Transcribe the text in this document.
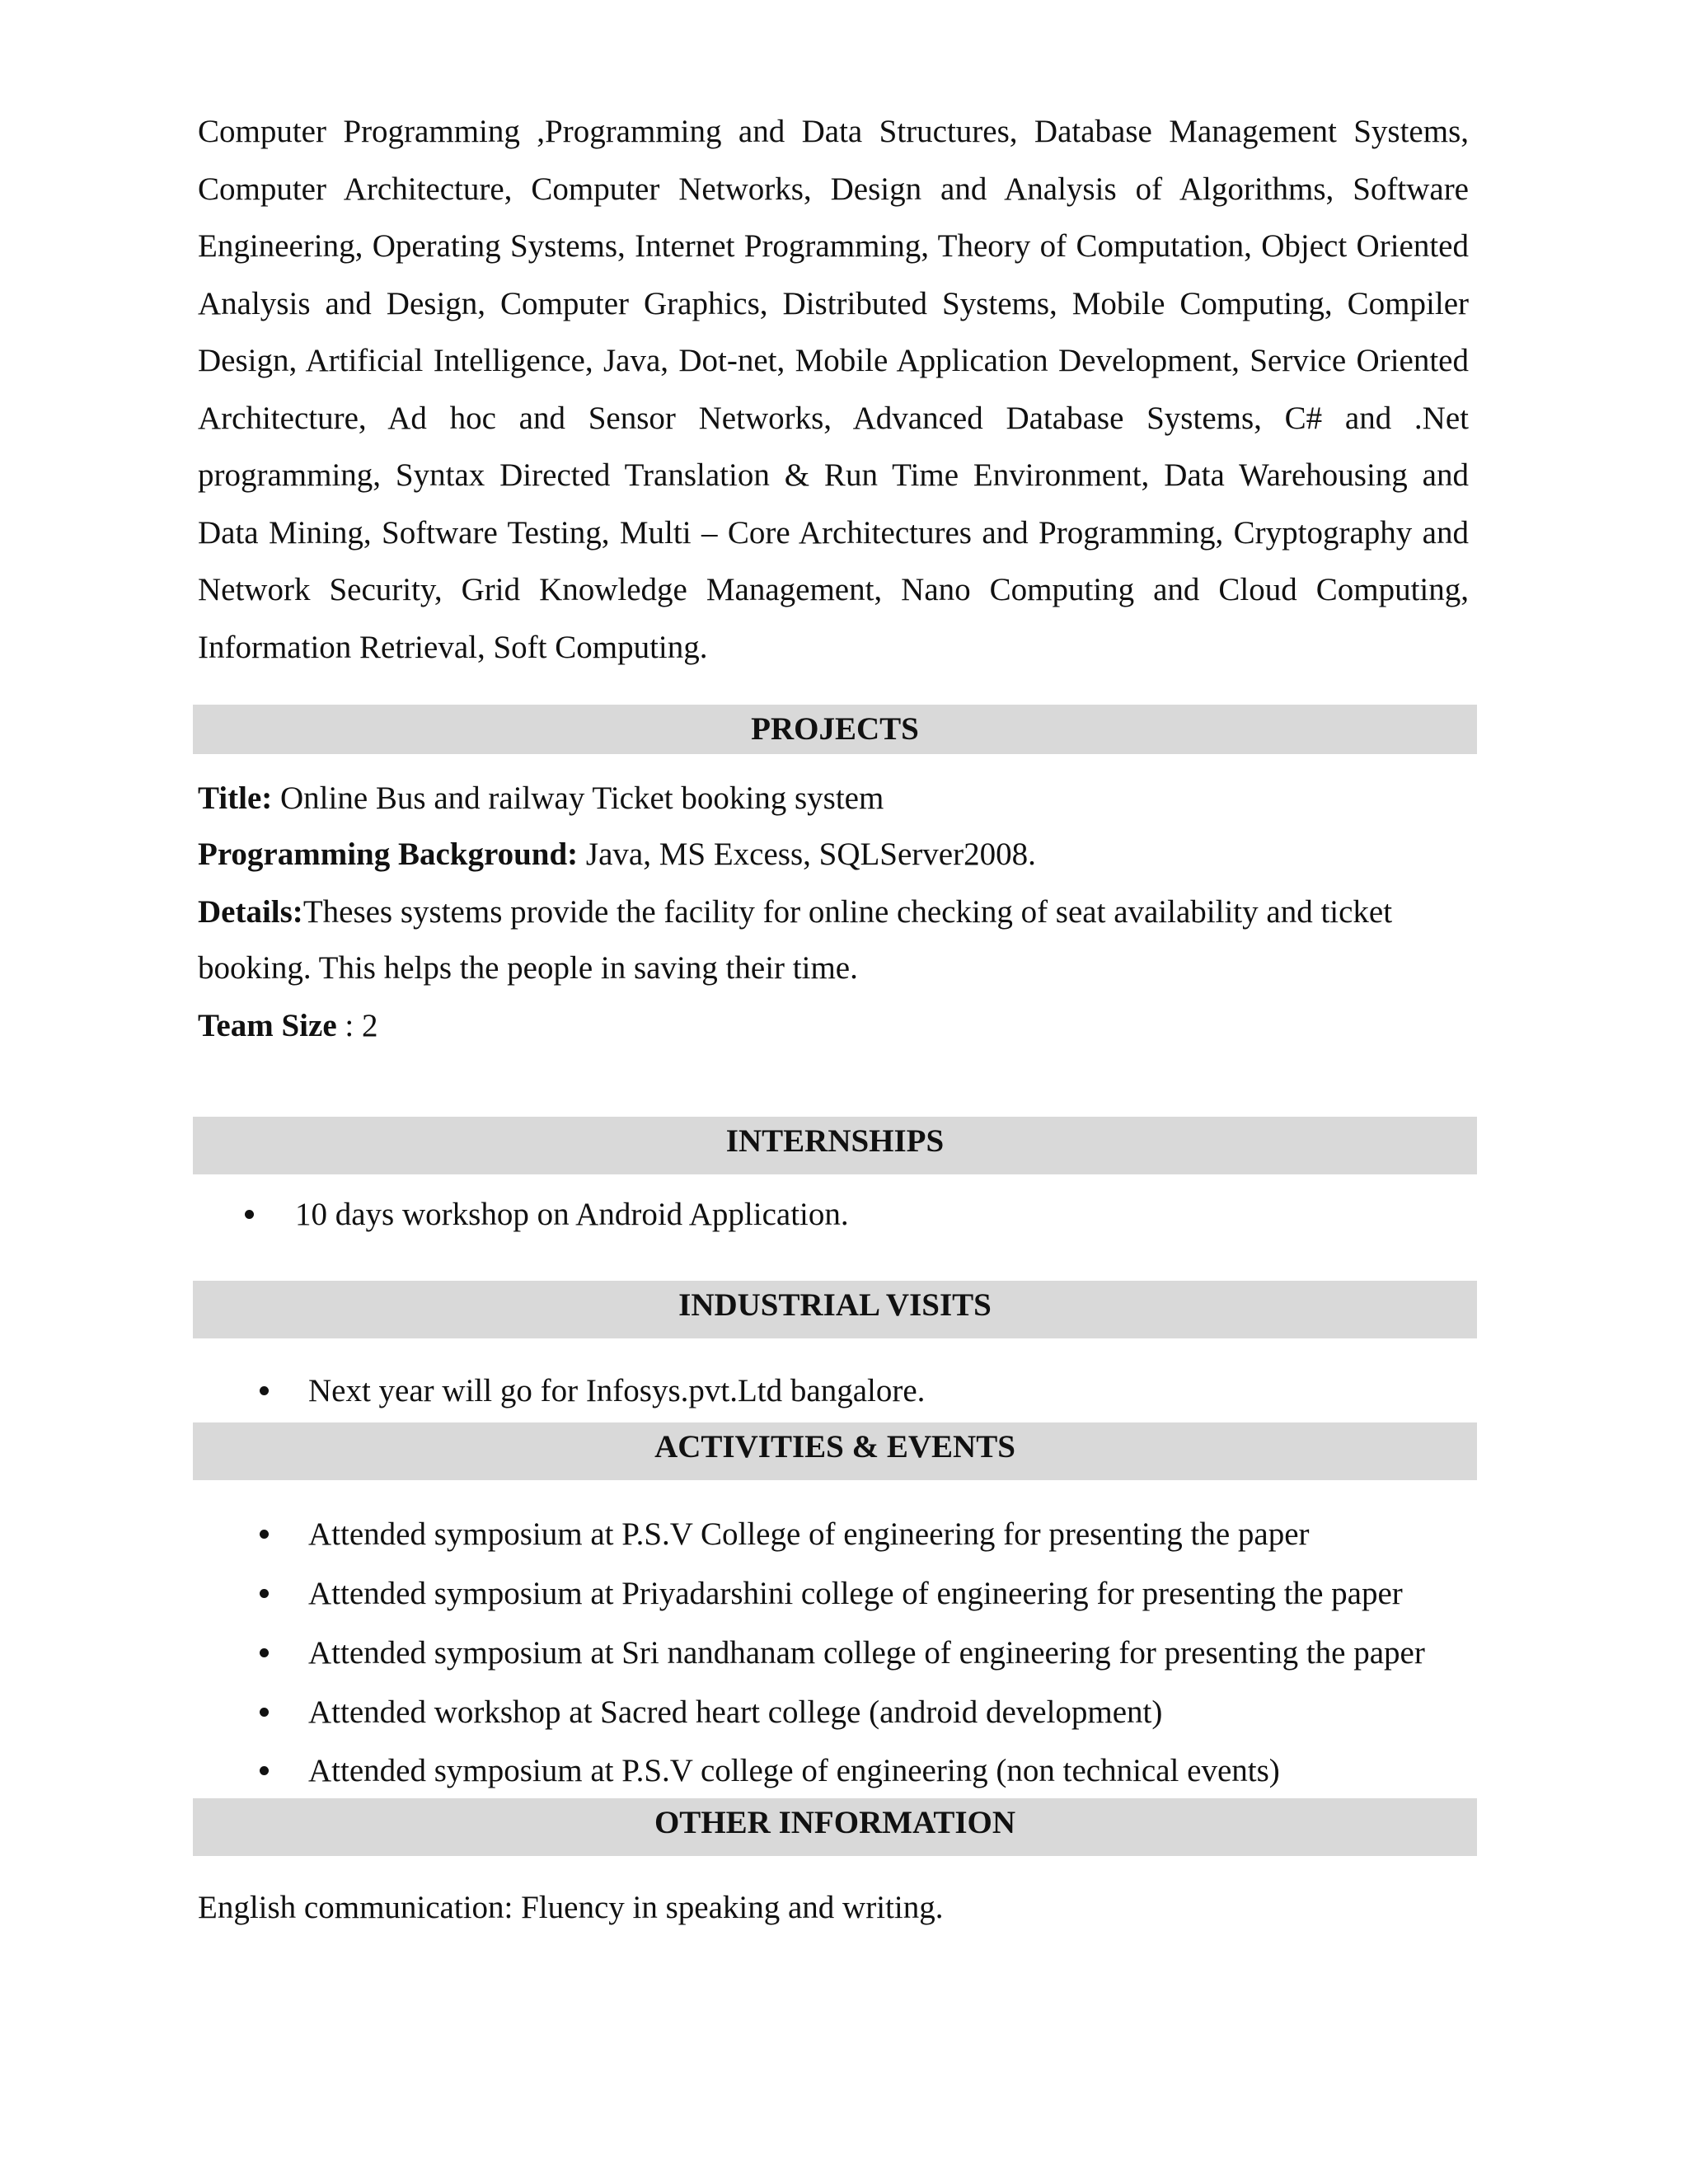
Computer Programming ,Programming and Data Structures, Database Management Systems, Computer Architecture, Computer Networks, Design and Analysis of Algorithms, Software Engineering, Operating Systems, Internet Programming, Theory of Computation, Object Oriented Analysis and Design, Computer Graphics, Distributed Systems, Mobile Computing, Compiler Design, Artificial Intelligence, Java, Dot-net, Mobile Application Development, Service Oriented Architecture, Ad hoc and Sensor Networks, Advanced Database Systems, C# and .Net programming, Syntax Directed Translation & Run Time Environment, Data Warehousing and Data Mining, Software Testing, Multi – Core Architectures and Programming, Cryptography and Network Security, Grid Knowledge Management, Nano Computing and Cloud Computing, Information Retrieval, Soft Computing.

PROJECTS
Title: Online Bus and railway Ticket booking system
Programming Background: Java, MS Excess, SQLServer2008.
Details:Theses systems provide the facility for online checking of seat availability and ticket
booking. This helps the people in saving their time.
Team Size : 2
INTERNSHIPS
10 days workshop on Android Application.
INDUSTRIAL VISITS
Next year will go for Infosys.pvt.Ltd bangalore.
ACTIVITIES & EVENTS
Attended symposium at P.S.V College of engineering for presenting the paper
Attended symposium at Priyadarshini college of engineering for presenting the paper
Attended symposium at Sri nandhanam college of engineering for presenting the paper
Attended workshop at Sacred heart college (android development)
Attended symposium at P.S.V college of engineering (non technical events)
OTHER INFORMATION
English communication: Fluency in speaking and writing.
